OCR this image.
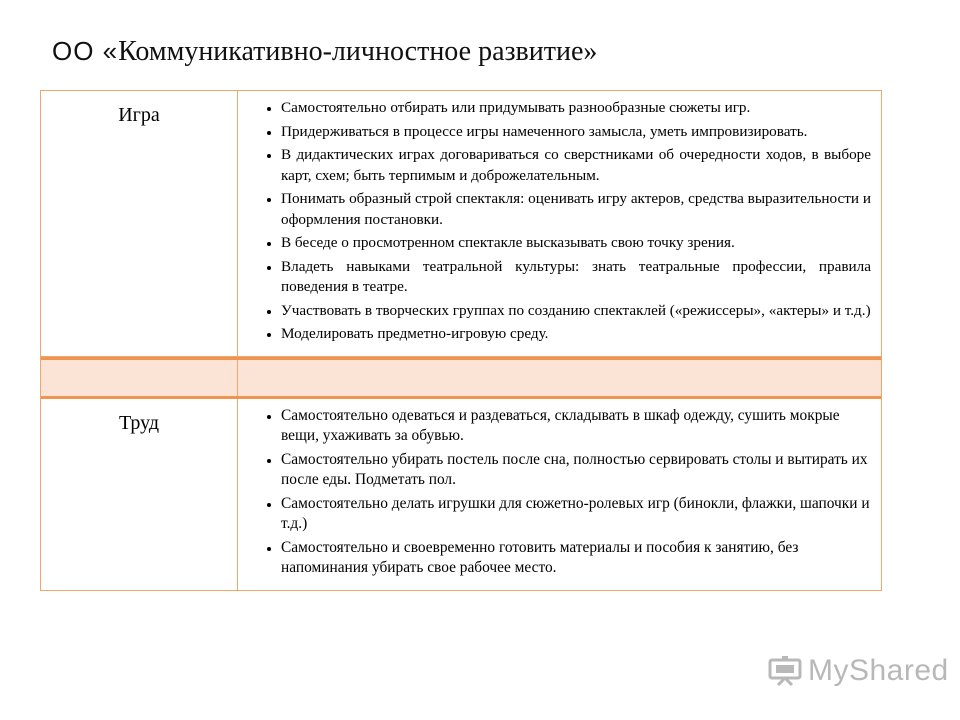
ОО «Коммуникативно-личностное развитие»
Игра	• Самостоятельно отбирать или придумывать разнообразные сюжеты игр.
• Придерживаться в процессе игры намеченного замысла, уметь импровизировать.
• В дидактических играх договариваться со сверстниками об очередности ходов, в выборе карт, схем; быть терпимым и доброжелательным.
• Понимать образный строй спектакля: оценивать игру актеров, средства выразительности и оформления постановки.
• В беседе о просмотренном спектакле высказывать свою точку зрения.
• Владеть навыками театральной культуры: знать театральные профессии, правила поведения в театре.
• Участвовать в творческих группах по созданию спектаклей («режиссеры», «актеры» и т.д.)
• Моделировать предметно-игровую среду.
Труд	• Самостоятельно одеваться и раздеваться, складывать в шкаф одежду, сушить мокрые вещи, ухаживать за обувью.
• Самостоятельно убирать постель после сна, полностью сервировать столы и вытирать их после еды. Подметать пол.
• Самостоятельно делать игрушки для сюжетно-ролевых игр (бинокли, флажки, шапочки и т.д.)
• Самостоятельно и своевременно готовить материалы и пособия к занятию, без напоминания убирать свое рабочее место.
MyShared
